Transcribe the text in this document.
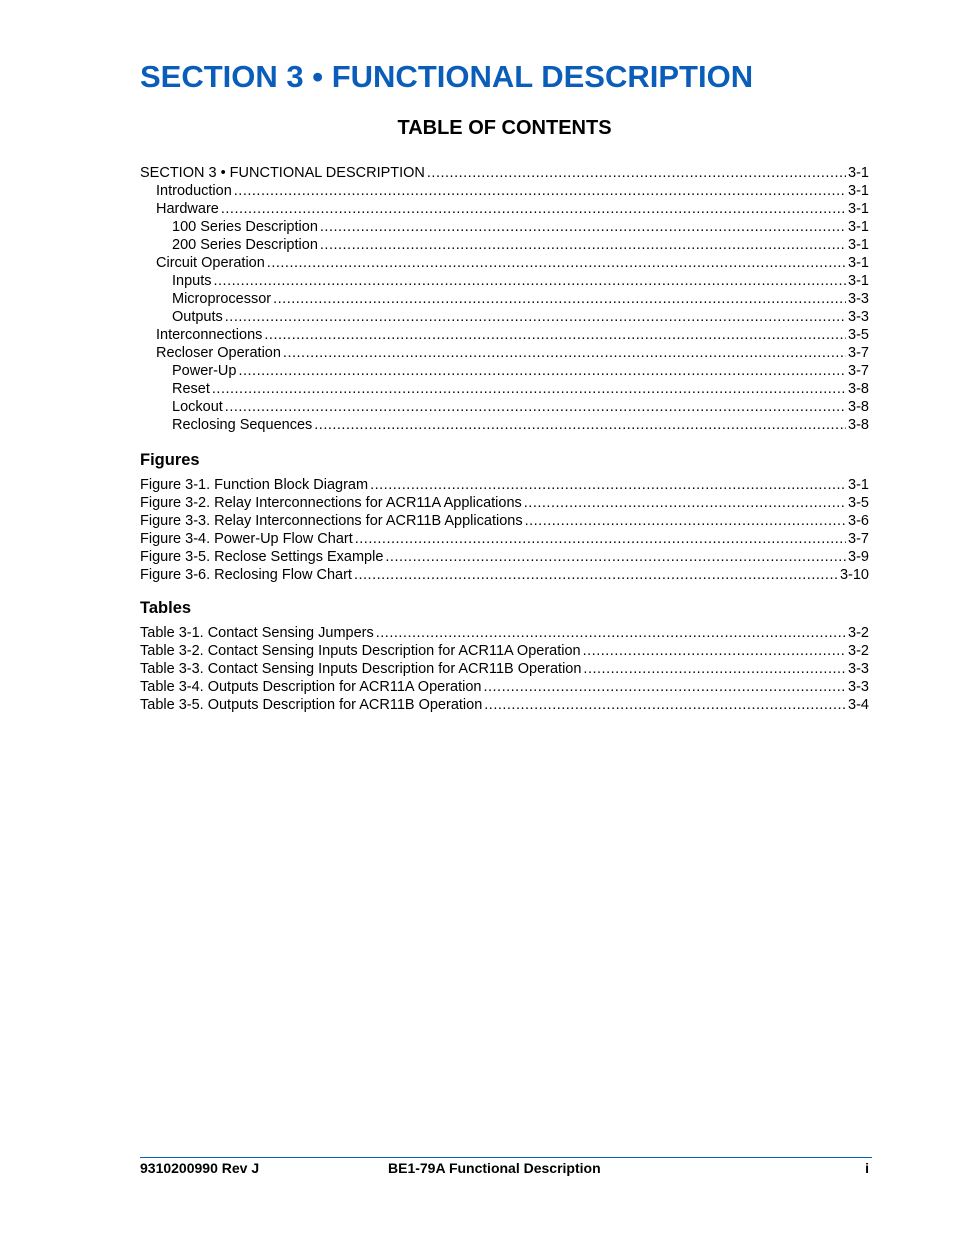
SECTION 3 • FUNCTIONAL DESCRIPTION
TABLE OF CONTENTS
SECTION 3 • FUNCTIONAL DESCRIPTION .....	3-1
Introduction .....	3-1
Hardware .....	3-1
100 Series Description .....	3-1
200 Series Description .....	3-1
Circuit Operation .....	3-1
Inputs .....	3-1
Microprocessor .....	3-3
Outputs .....	3-3
Interconnections .....	3-5
Recloser Operation .....	3-7
Power-Up .....	3-7
Reset .....	3-8
Lockout .....	3-8
Reclosing Sequences .....	3-8
Figures
Figure 3-1. Function Block Diagram .....	3-1
Figure 3-2. Relay Interconnections for ACR11A Applications .....	3-5
Figure 3-3. Relay Interconnections for ACR11B Applications .....	3-6
Figure 3-4. Power-Up Flow Chart .....	3-7
Figure 3-5. Reclose Settings Example .....	3-9
Figure 3-6. Reclosing Flow Chart .....	3-10
Tables
Table 3-1. Contact Sensing Jumpers .....	3-2
Table 3-2. Contact Sensing Inputs Description for ACR11A Operation .....	3-2
Table 3-3. Contact Sensing Inputs Description for ACR11B Operation .....	3-3
Table 3-4. Outputs Description for ACR11A Operation .....	3-3
Table 3-5. Outputs Description for ACR11B Operation .....	3-4
9310200990 Rev J	BE1-79A Functional Description	i
